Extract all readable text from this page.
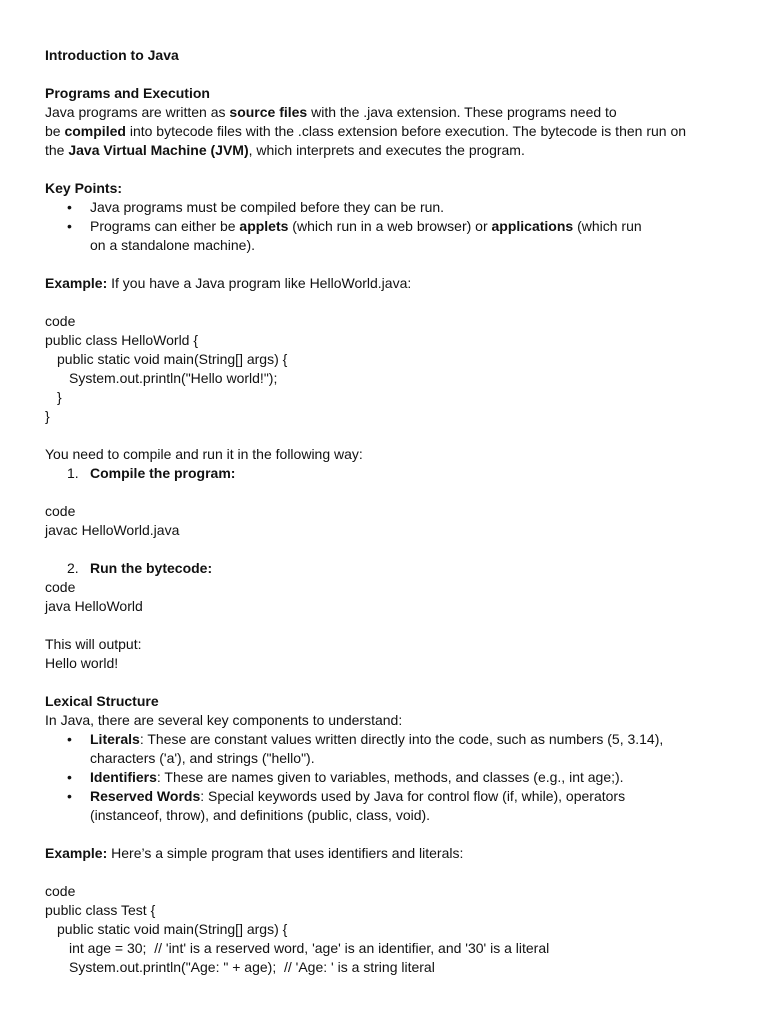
Introduction to Java

Programs and Execution

Java programs are written as source files with the .java extension. These programs need to

be compiled into bytecode files with the .class extension before execution. The bytecode is then run on

the Java Virtual Machine (JVM), which interprets and executes the program.

Key Points:

• Java programs must be compiled before they can be run.
• Programs can either be applets (which run in a web browser) or applications (which run on a standalone machine).

Example: If you have a Java program like HelloWorld.java:

code

public class HelloWorld {

public static void main(String[] args) {

System.out.println("Hello world!");

}

}

You need to compile and run it in the following way:

1. Compile the program:

code

javac HelloWorld.java

2. Run the bytecode:

code

java HelloWorld

This will output:

Hello world!

Lexical Structure

In Java, there are several key components to understand:

• Literals: These are constant values written directly into the code, such as numbers (5, 3.14), characters ('a'), and strings ("hello").
• Identifiers: These are names given to variables, methods, and classes (e.g., int age;).
• Reserved Words: Special keywords used by Java for control flow (if, while), operators (instanceof, throw), and definitions (public, class, void).

Example: Here’s a simple program that uses identifiers and literals:

code

public class Test {

public static void main(String[] args) {

int age = 30;  // 'int' is a reserved word, 'age' is an identifier, and '30' is a literal

System.out.println("Age: " + age);  // 'Age: ' is a string literal
